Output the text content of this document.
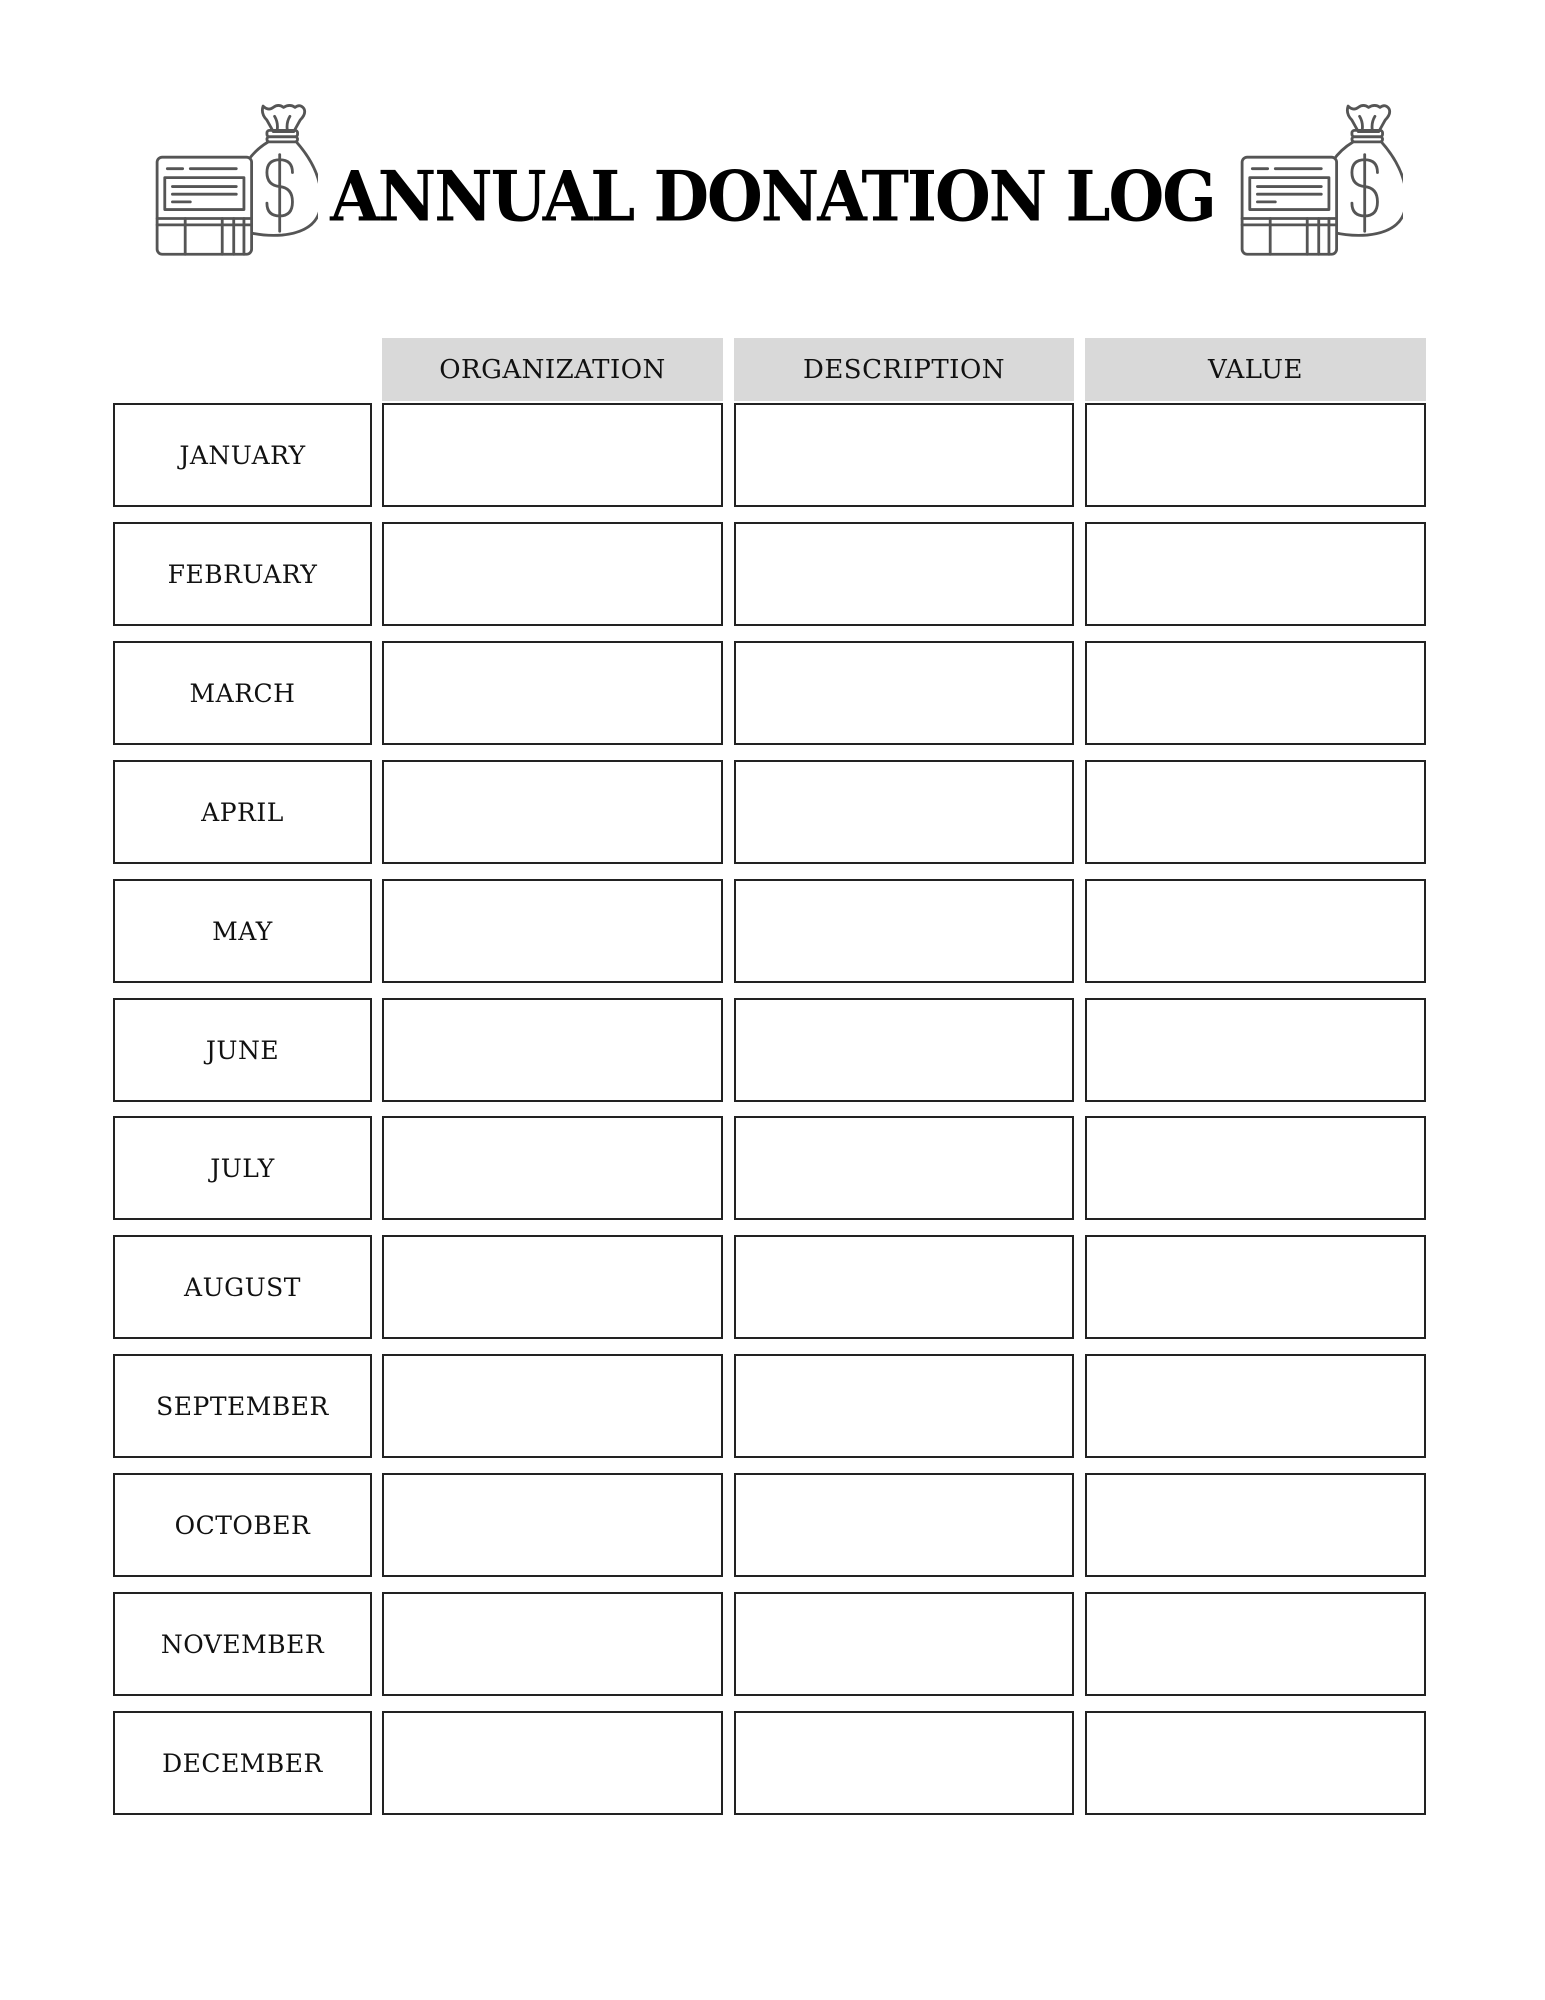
ANNUAL DONATION LOG
ORGANIZATION	DESCRIPTION	VALUE
JANUARY
FEBRUARY
MARCH
APRIL
MAY
JUNE
JULY
AUGUST
SEPTEMBER
OCTOBER
NOVEMBER
DECEMBER
